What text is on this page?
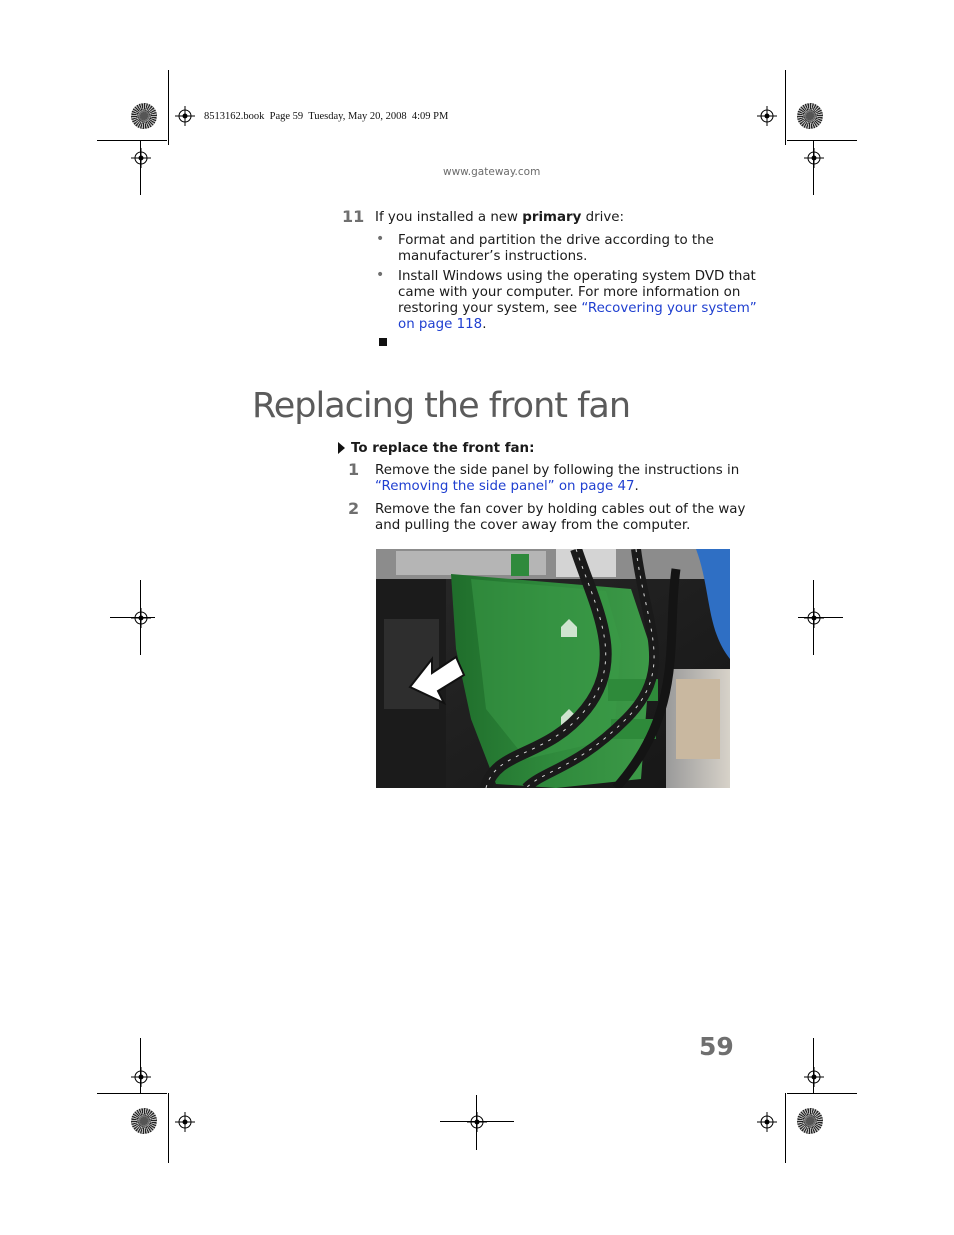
8513162.book  Page 59  Tuesday, May 20, 2008  4:09 PM
www.gateway.com
11 If you installed a new primary drive:
• Format and partition the drive according to the
manufacturer’s instructions.
• Install Windows using the operating system DVD that
came with your computer. For more information on
restoring your system, see “Recovering your system”
on page 118.
Replacing the front fan
To replace the front fan:
1 Remove the side panel by following the instructions in
“Removing the side panel” on page 47.
2 Remove the fan cover by holding cables out of the way
and pulling the cover away from the computer.
59
